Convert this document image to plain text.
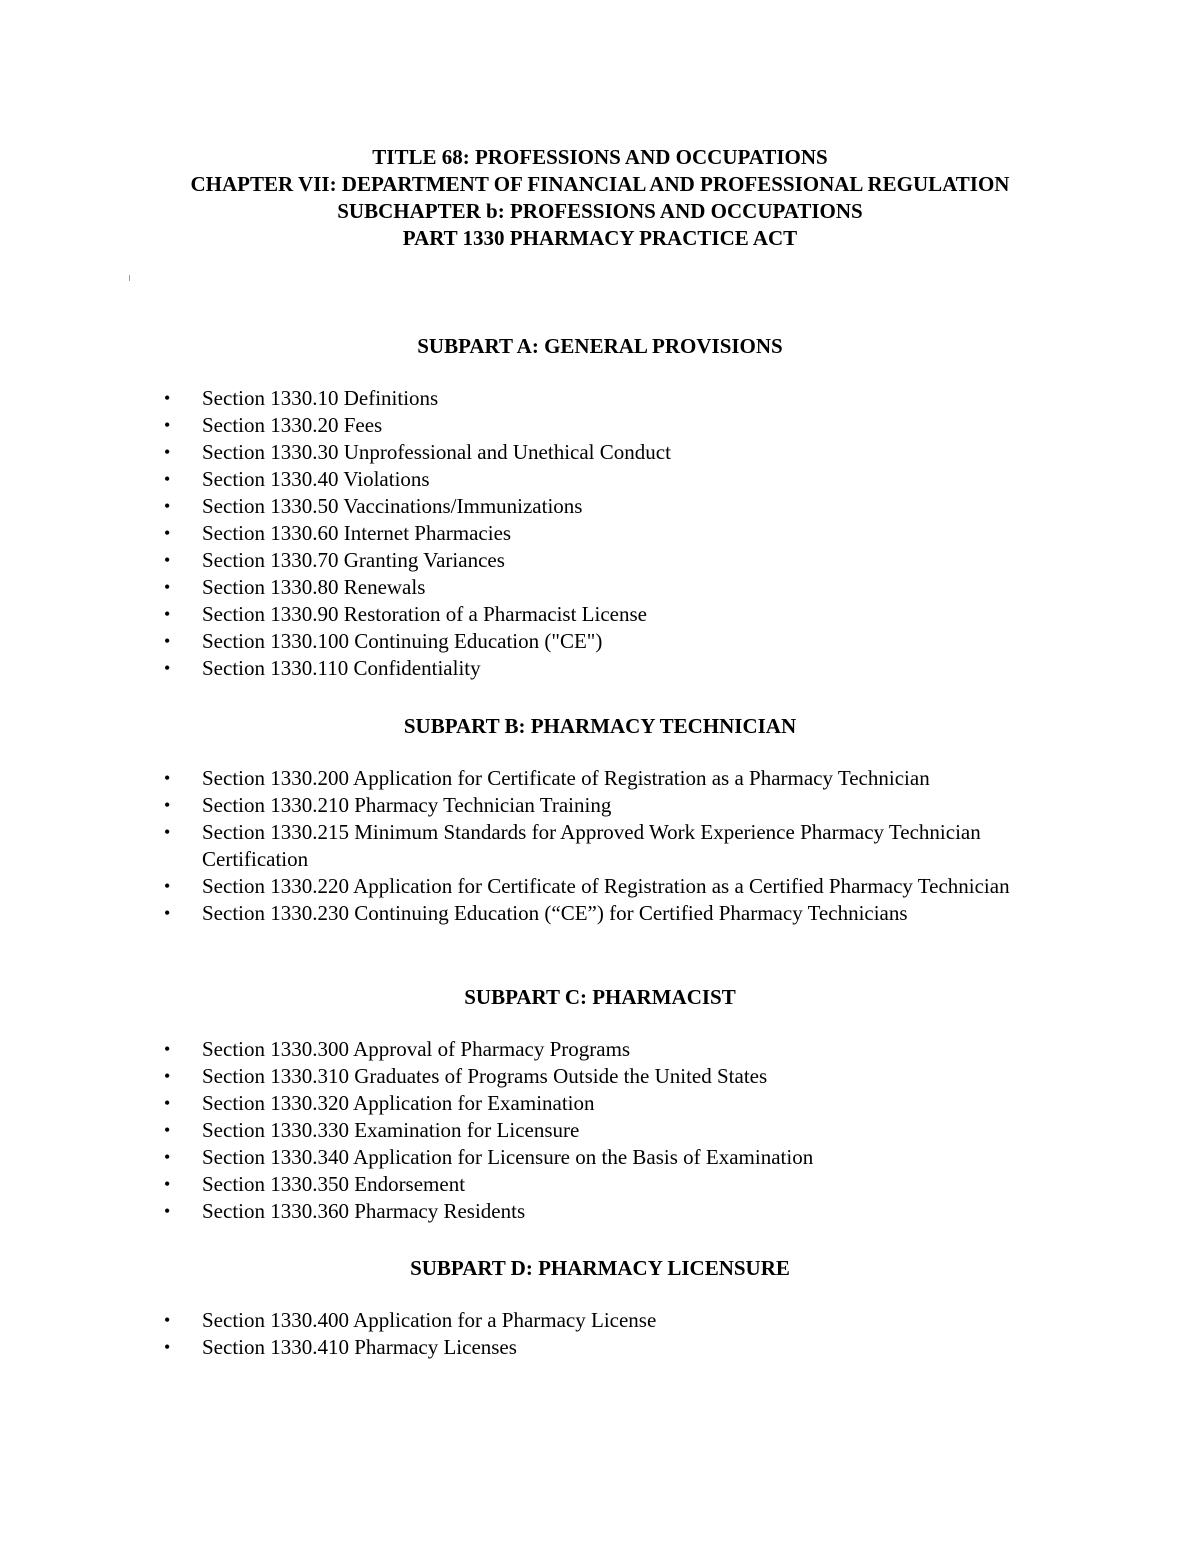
TITLE 68: PROFESSIONS AND OCCUPATIONS
CHAPTER VII: DEPARTMENT OF FINANCIAL AND PROFESSIONAL REGULATION
SUBCHAPTER b: PROFESSIONS AND OCCUPATIONS
PART 1330 PHARMACY PRACTICE ACT
SUBPART A: GENERAL PROVISIONS
•	Section 1330.10 Definitions
•	Section 1330.20 Fees
•	Section 1330.30 Unprofessional and Unethical Conduct
•	Section 1330.40 Violations
•	Section 1330.50 Vaccinations/Immunizations
•	Section 1330.60 Internet Pharmacies
•	Section 1330.70 Granting Variances
•	Section 1330.80 Renewals
•	Section 1330.90 Restoration of a Pharmacist License
•	Section 1330.100 Continuing Education ("CE")
•	Section 1330.110 Confidentiality
SUBPART B: PHARMACY TECHNICIAN
•	Section 1330.200 Application for Certificate of Registration as a Pharmacy Technician
•	Section 1330.210 Pharmacy Technician Training
•	Section 1330.215 Minimum Standards for Approved Work Experience Pharmacy Technician Certification
•	Section 1330.220 Application for Certificate of Registration as a Certified Pharmacy Technician
•	Section 1330.230 Continuing Education (“CE”) for Certified Pharmacy Technicians
SUBPART C: PHARMACIST
•	Section 1330.300 Approval of Pharmacy Programs
•	Section 1330.310 Graduates of Programs Outside the United States
•	Section 1330.320 Application for Examination
•	Section 1330.330 Examination for Licensure
•	Section 1330.340 Application for Licensure on the Basis of Examination
•	Section 1330.350 Endorsement
•	Section 1330.360 Pharmacy Residents
SUBPART D: PHARMACY LICENSURE
•	Section 1330.400 Application for a Pharmacy License
•	Section 1330.410 Pharmacy Licenses
